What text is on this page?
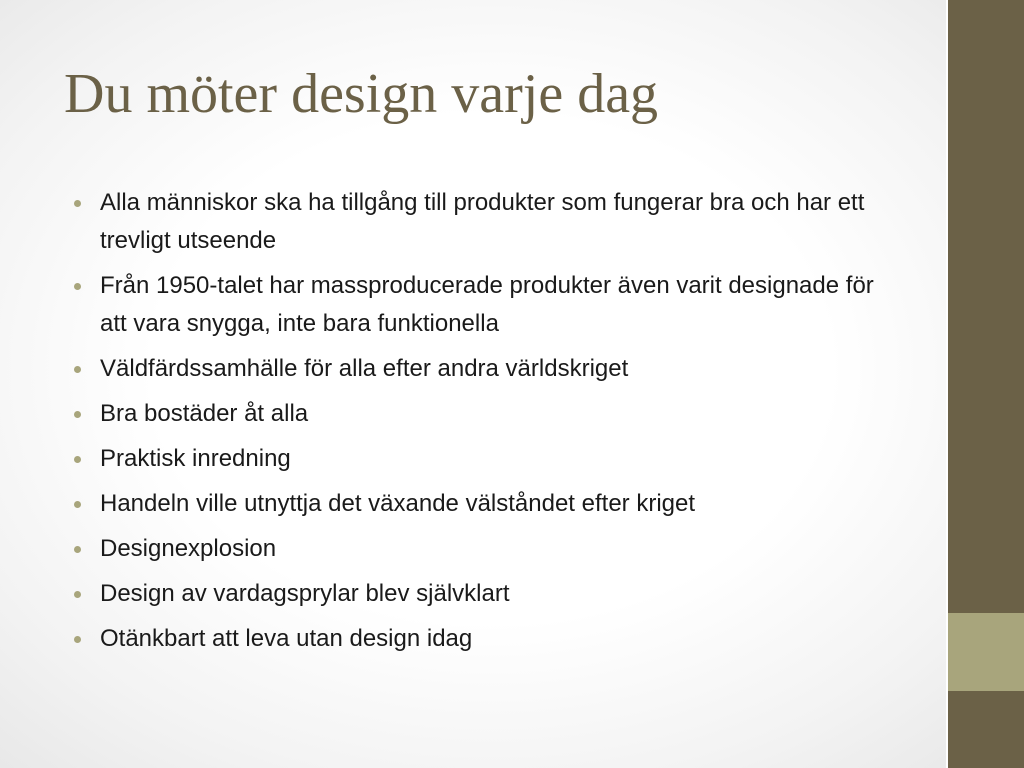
Du möter design varje dag
Alla människor ska ha tillgång till produkter som fungerar bra och har ett trevligt utseende
Från 1950-talet har massproducerade produkter även varit designade för att vara snygga, inte bara funktionella
Väldfärdssamhälle för alla efter andra världskriget
Bra bostäder åt alla
Praktisk inredning
Handeln ville utnyttja det växande välståndet efter kriget
Designexplosion
Design av vardagsprylar blev självklart
Otänkbart att leva utan design idag
